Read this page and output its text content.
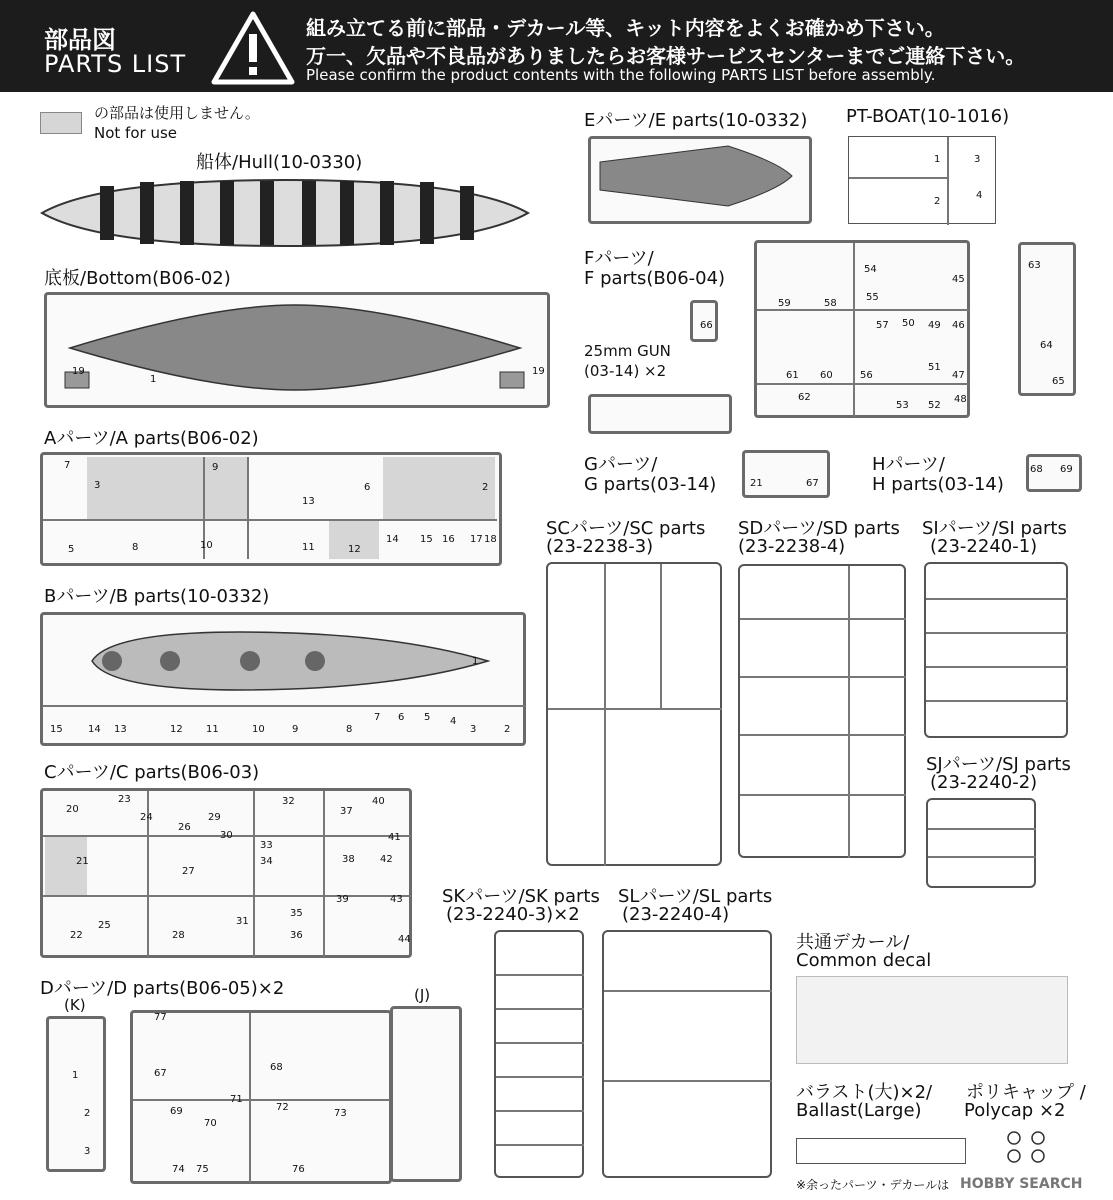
部品図
PARTS LIST
組み立てる前に部品・デカール等、キット内容をよくお確かめ下さい。
万一、欠品や不良品がありましたらお客様サービスセンターまでご連絡下さい。
Please confirm the product contents with the following PARTS LIST before assembly.
の部品は使用しません。
Not for use
船体/Hull(10-0330)
底板/Bottom(B06-02)
19
1
19
Aパーツ/A parts(B06-02)
7
3
9
13
6	2
5	8	10	11	12
14 15 16 17 18
Bパーツ/B parts(10-0332)
1
15	14 13	12 11	10	9	8
7 6 5 4
3	2
Cパーツ/C parts(B06-03)
20
23
24
26
29
30
32
37
40
21
33
34
27
38	42
22
25
28
31
35
36
39	43
44
41
Dパーツ/D parts(B06-05)×2
(K)
(J)
1
2
3
77
67
68
69
70
71
72
73
74 75	76
Eパーツ/E parts(10-0332) PT-BOAT(10-1016)
1
2
3
4
Fパーツ/
F parts(B06-04)
59	58
54
55
45
63
64
66	57 50 49 46
61 60	56
51
47
62
53 52
48
65
25mm GUN
(03-14) ×2
Gパーツ/
G parts(03-14)	21	67
Hパーツ/
H parts(03-14)
68 69
SCパーツ/SC parts
(23-2238-3)
SDパーツ/SD parts
(23-2238-4)
SIパーツ/SI parts
(23-2240-1)
SJパーツ/SJ parts
(23-2240-2)
SKパーツ/SK parts
(23-2240-3)×2
SLパーツ/SL parts
(23-2240-4)
共通デカール/
Common decal
バラスト(大)×2/
Ballast(Large)
ポリキャップ /
Polycap ×2
※余ったパーツ・デカールは HOBBY SEARCH
